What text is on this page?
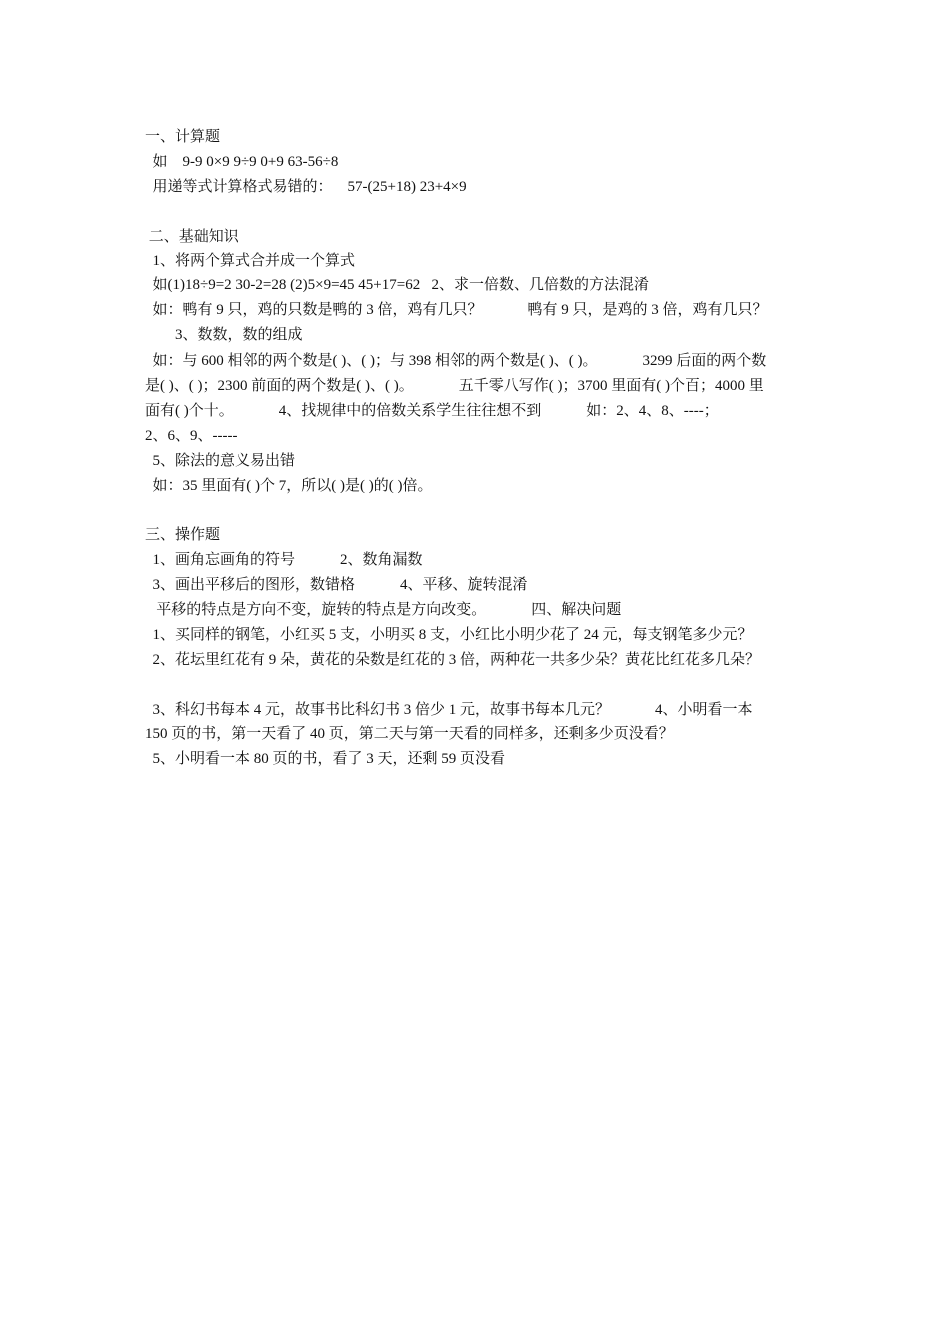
一、计算题
如    9-9 0×9 9÷9 0+9 63-56÷8
用递等式计算格式易错的：    57-(25+18) 23+4×9
二、基础知识
1、将两个算式合并成一个算式
如(1)18÷9=2 30-2=28 (2)5×9=45 45+17=62   2、求一倍数、几倍数的方法混淆
如：鸭有 9 只，鸡的只数是鸭的 3 倍，鸡有几只？            鸭有 9 只，是鸡的 3 倍，鸡有几只？
3、数数，数的组成
如：与 600 相邻的两个数是( )、( )；与 398 相邻的两个数是( )、( )。            3299 后面的两个数
是( )、( )；2300 前面的两个数是( )、( )。            五千零八写作( )；3700 里面有( )个百；4000 里
面有( )个十。            4、找规律中的倍数关系学生往往想不到            如：2、4、8、----；
2、6、9、-----
5、除法的意义易出错
如：35 里面有( )个 7，所以( )是( )的( )倍。
三、操作题
1、画角忘画角的符号            2、数角漏数
3、画出平移后的图形，数错格            4、平移、旋转混淆
平移的特点是方向不变，旋转的特点是方向改变。            四、解决问题
1、买同样的钢笔，小红买 5 支，小明买 8 支，小红比小明少花了 24 元，每支钢笔多少元？
2、花坛里红花有 9 朵，黄花的朵数是红花的 3 倍，两种花一共多少朵？黄花比红花多几朵？
3、科幻书每本 4 元，故事书比科幻书 3 倍少 1 元，故事书每本几元？            4、小明看一本
150 页的书，第一天看了 40 页，第二天与第一天看的同样多，还剩多少页没看？
5、小明看一本 80 页的书，看了 3 天，还剩 59 页没看
